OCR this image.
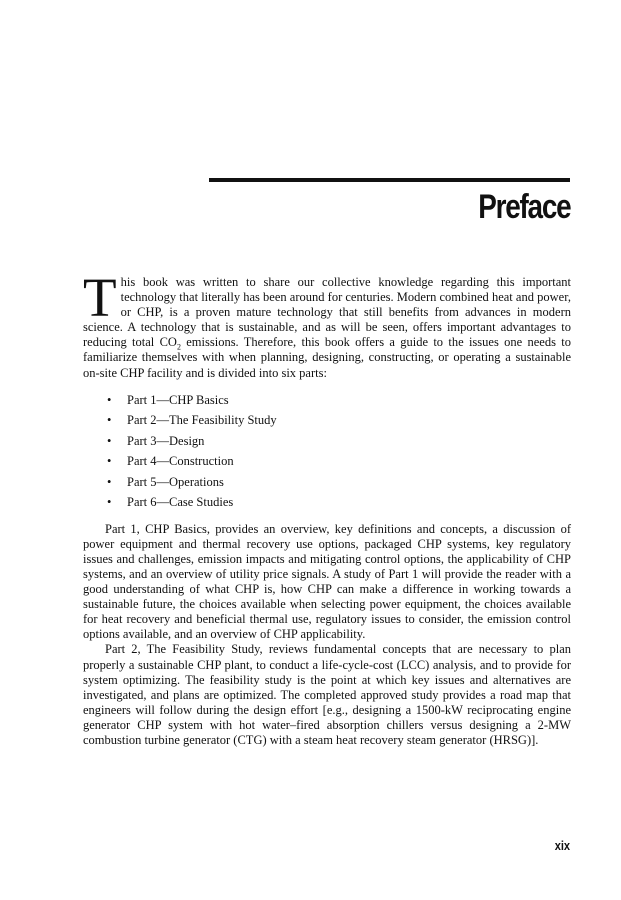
Preface

This book was written to share our collective knowledge regarding this important technology that literally has been around for centuries. Modern combined heat and power, or CHP, is a proven mature technology that still benefits from advances in modern science. A technology that is sustainable, and as will be seen, offers important advantages to reducing total $CO_2$ emissions. Therefore, this book offers a guide to the issues one needs to familiarize themselves with when planning, designing, constructing, or operating a sustainable on-site CHP facility and is divided into six parts:

•	Part 1—CHP Basics
•	Part 2—The Feasibility Study
•	Part 3—Design
•	Part 4—Construction
•	Part 5—Operations
•	Part 6—Case Studies

Part 1, CHP Basics, provides an overview, key definitions and concepts, a discussion of power equipment and thermal recovery use options, packaged CHP systems, key regulatory issues and challenges, emission impacts and mitigating control options, the applicability of CHP systems, and an overview of utility price signals. A study of Part 1 will provide the reader with a good understanding of what CHP is, how CHP can make a difference in working towards a sustainable future, the choices available when selecting power equipment, the choices available for heat recovery and beneficial thermal use, regulatory issues to consider, the emission control options available, and an overview of CHP applicability.

Part 2, The Feasibility Study, reviews fundamental concepts that are necessary to plan properly a sustainable CHP plant, to conduct a life-cycle-cost (LCC) analysis, and to provide for system optimizing. The feasibility study is the point at which key issues and alternatives are investigated, and plans are optimized. The completed approved study provides a road map that engineers will follow during the design effort [e.g., designing a 1500-kW reciprocating engine generator CHP system with hot water–fired absorption chillers versus designing a 2-MW combustion turbine generator (CTG) with a steam heat recovery steam generator (HRSG)].

xix
